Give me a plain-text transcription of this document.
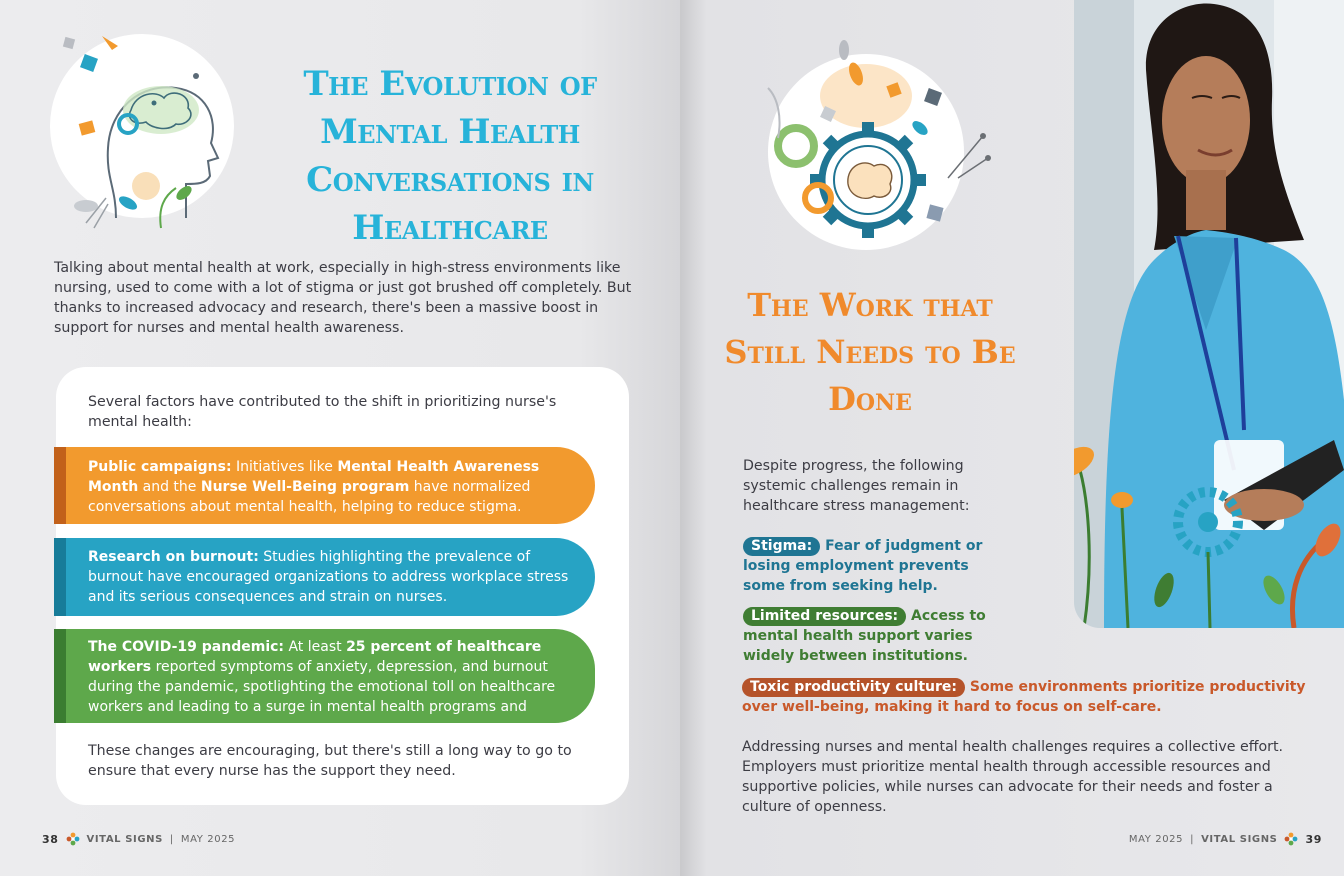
The Evolution of Mental Health Conversations in Healthcare

Talking about mental health at work, especially in high-stress environments like nursing, used to come with a lot of stigma or just got brushed off completely. But thanks to increased advocacy and research, there's been a massive boost in support for nurses and mental health awareness.

Several factors have contributed to the shift in prioritizing nurse's mental health:

Public campaigns: Initiatives like Mental Health Awareness Month and the Nurse Well-Being program have normalized conversations about mental health, helping to reduce stigma.
Research on burnout: Studies highlighting the prevalence of burnout have encouraged organizations to address workplace stress and its serious consequences and strain on nurses.
The COVID-19 pandemic: At least 25 percent of healthcare workers reported symptoms of anxiety, depression, and burnout during the pandemic, spotlighting the emotional toll on healthcare workers and leading to a surge in mental health programs and resources.

These changes are encouraging, but there's still a long way to go to ensure that every nurse has the support they need.

38	VITAL SIGNS | MAY 2025
The Work that Still Needs to Be Done

Despite progress, the following systemic challenges remain in healthcare stress management:

Stigma: Fear of judgment or losing employment prevents some from seeking help.

Limited resources: Access to mental health support varies widely between institutions.

Toxic productivity culture: Some environments prioritize productivity over well-being, making it hard to focus on self-care.

Addressing nurses and mental health challenges requires a collective effort. Employers must prioritize mental health through accessible resources and supportive policies, while nurses can advocate for their needs and foster a culture of openness.

MAY 2025 | VITAL SIGNS	39
